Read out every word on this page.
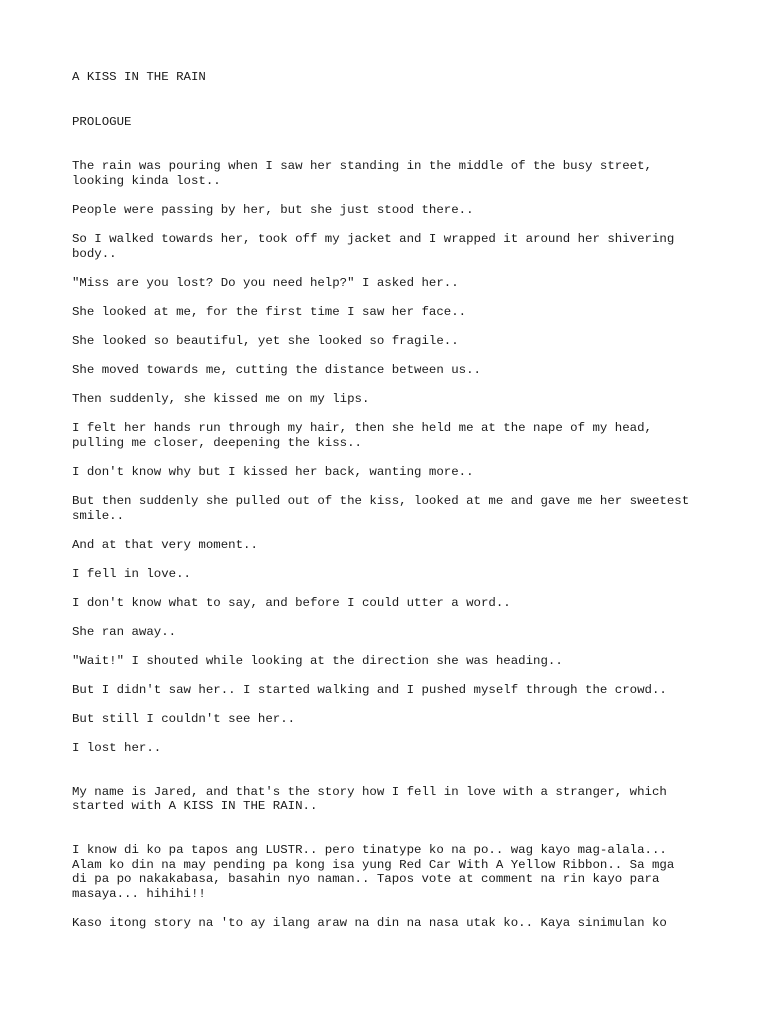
A KISS IN THE RAIN
PROLOGUE
The rain was pouring when I saw her standing in the middle of the busy street,
looking kinda lost..
People were passing by her, but she just stood there..
So I walked towards her, took off my jacket and I wrapped it around her shivering
body..
"Miss are you lost? Do you need help?" I asked her..
She looked at me, for the first time I saw her face..
She looked so beautiful, yet she looked so fragile..
She moved towards me, cutting the distance between us..
Then suddenly, she kissed me on my lips.
I felt her hands run through my hair, then she held me at the nape of my head,
pulling me closer, deepening the kiss..
I don't know why but I kissed her back, wanting more..
But then suddenly she pulled out of the kiss, looked at me and gave me her sweetest
smile..
And at that very moment..
I fell in love..
I don't know what to say, and before I could utter a word..
She ran away..
"Wait!" I shouted while looking at the direction she was heading..
But I didn't saw her.. I started walking and I pushed myself through the crowd..
But still I couldn't see her..
I lost her..
My name is Jared, and that's the story how I fell in love with a stranger, which
started with A KISS IN THE RAIN..
I know di ko pa tapos ang LUSTR.. pero tinatype ko na po.. wag kayo mag-alala...
Alam ko din na may pending pa kong isa yung Red Car With A Yellow Ribbon.. Sa mga
di pa po nakakabasa, basahin nyo naman.. Tapos vote at comment na rin kayo para
masaya... hihihi!!
Kaso itong story na 'to ay ilang araw na din na nasa utak ko.. Kaya sinimulan ko
